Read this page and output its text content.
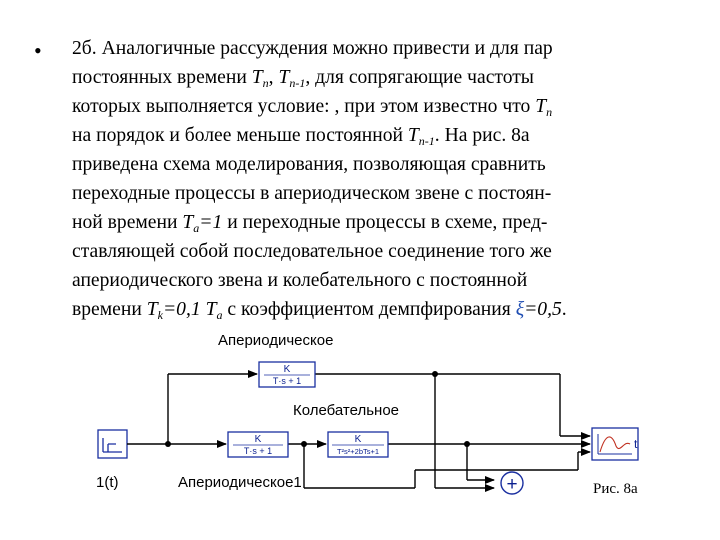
• 2б. Аналогичные рассуждения можно привести и для пар
постоянных времени $T_n$, $T_{n-1}$, для сопрягающие частоты
которых выполняется условие: , при этом известно что $T_n$
на порядок и более меньше постоянной $T_{n-1}$. На рис. 8а
приведена схема моделирования, позволяющая сравнить
переходные процессы в апериодическом звене с постоян-
ной времени $T_a=1$ и переходные процессы в схеме, пред-
ставляющей собой последовательное соединение того же
апериодического звена и колебательного с постоянной
времени $T_k=0,1$ $T_a$ с коэффициентом демпфирования ξ=0,5.
Апериодическое
Колебательное
1(t)	Апериодическое1
K
T·s + 1
K
T·s + 1
K
T²s²+2bTs+1
t
+	Рис. 8а
